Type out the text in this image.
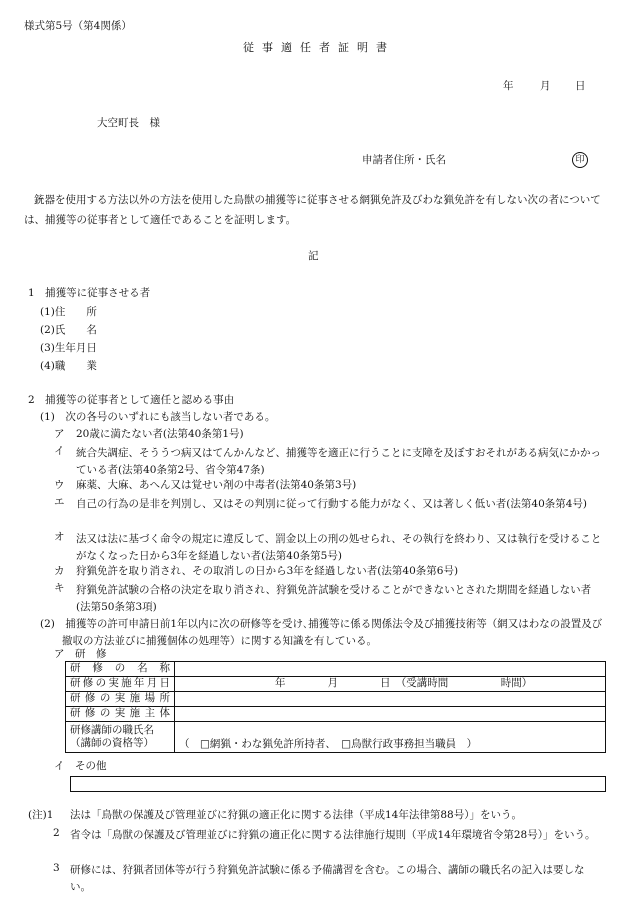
様式第5号（第4関係）
従事適任者証明書
年	月 日
大空町長　様
申請者住所・氏名	印
銃器を使用する方法以外の方法を使用した鳥獣の捕獲等に従事させる網猟免許及びわな猟免許を有しない次の者については、捕獲等の従事者として適任であることを証明します。
記
1　捕獲等に従事させる者
(1)住　　所
(2)氏　　名
(3)生年月日
(4)職　　業
2　捕獲等の従事者として適任と認める事由
(1)　次の各号のいずれにも該当しない者である。
ア 20歳に満たない者(法第40条第1号)
イ 統合失調症、そううつ病又はてんかんなど、捕獲等を適正に行うことに支障を及ぼすおそれがある病気にかかっている者(法第40条第2号、省令第47条)
ウ 麻薬、大麻、あへん又は覚せい剤の中毒者(法第40条第3号)
エ 自己の行為の是非を判別し、又はその判別に従って行動する能力がなく、又は著しく低い者(法第40条第4号)
オ 法又は法に基づく命令の規定に違反して、罰金以上の刑の処せられ、その執行を終わり、又は執行を受けることがなくなった日から3年を経過しない者(法第40条第5号)
カ 狩猟免許を取り消され、その取消しの日から3年を経過しない者(法第40条第6号)
キ 狩猟免許試験の合格の決定を取り消され、狩猟免許試験を受けることができないとされた期間を経過しない者(法第50条第3項)
(2)　捕獲等の許可申請日前1年以内に次の研修等を受け､捕獲等に係る関係法令及び捕獲技術等（網又はわなの設置及び撤収の方法並びに捕獲個体の処理等）に関する知識を有している。
ア　研　修
研修の名称	

研修の実施年月日	年　　　　月　　　　日　（受講時間　　　　　時間）

研修の実施場所	

研修の実施主体	

研修講師の職氏名
（講師の資格等）	（　□網猟・わな猟免許所持者、　□鳥獣行政事務担当職員　）
イ　その他
(注)1 法は「鳥獣の保護及び管理並びに狩猟の適正化に関する法律（平成14年法律第88号）」をいう。
2 省令は「鳥獣の保護及び管理並びに狩猟の適正化に関する法律施行規則（平成14年環境省令第28号）」をいう。
3 研修には、狩猟者団体等が行う狩猟免許試験に係る予備講習を含む。この場合、講師の職氏名の記入は要しない。
